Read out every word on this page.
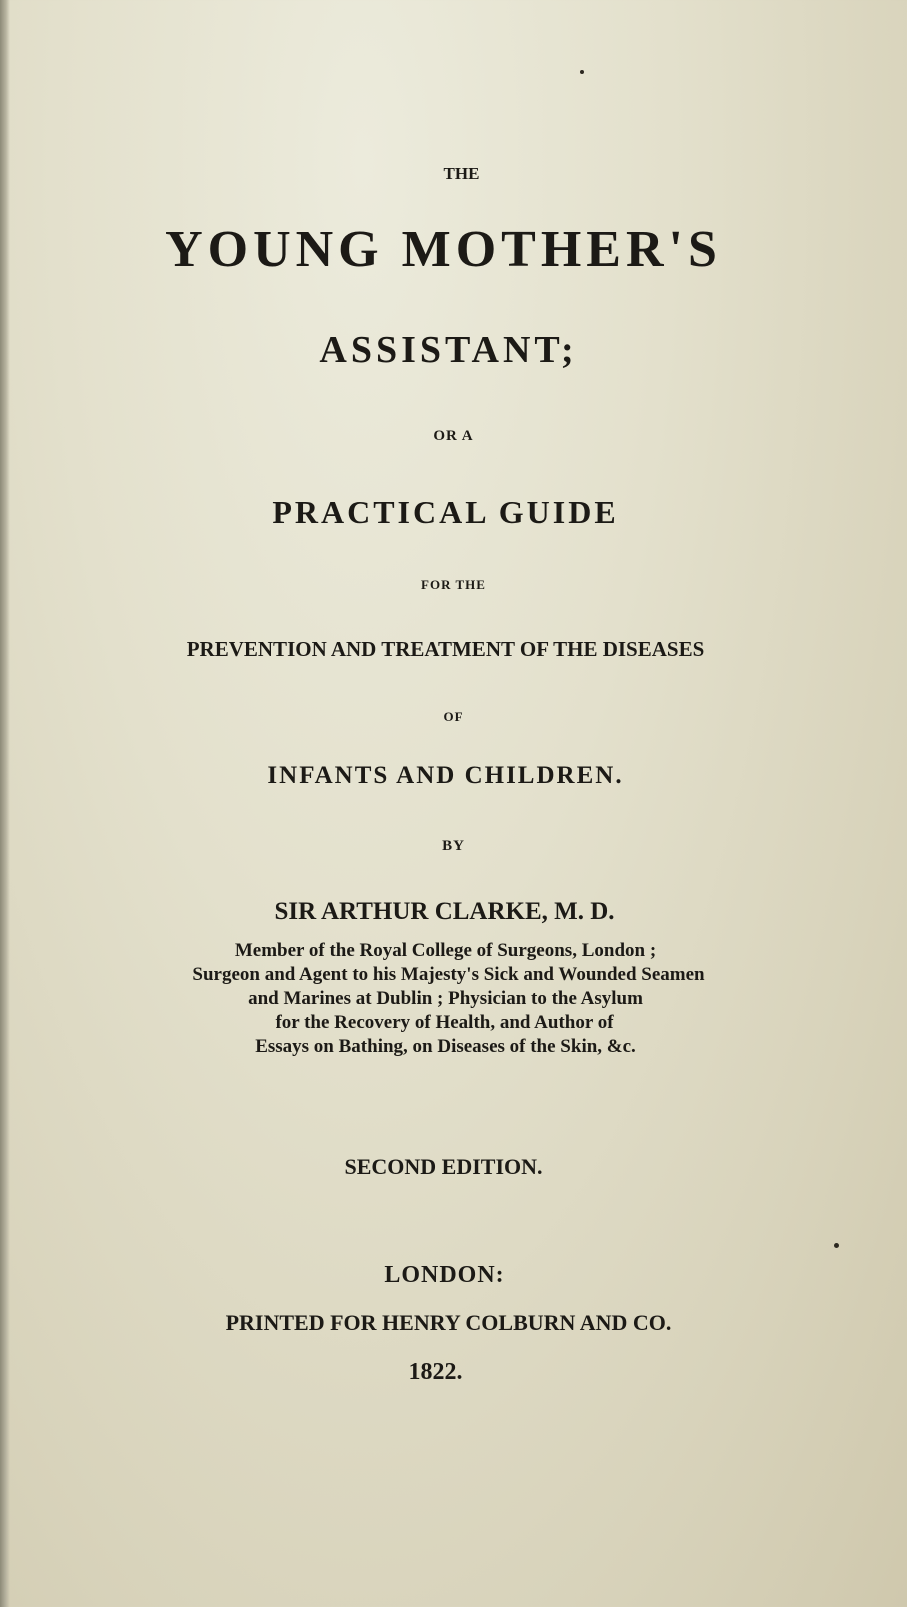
THE
YOUNG MOTHER'S
ASSISTANT;
OR A
PRACTICAL GUIDE
FOR THE
PREVENTION AND TREATMENT OF THE DISEASES
OF
INFANTS AND CHILDREN.
BY
SIR ARTHUR CLARKE, M. D.
Member of the Royal College of Surgeons, London ;
Surgeon and Agent to his Majesty's Sick and Wounded Seamen
and Marines at Dublin ; Physician to the Asylum
for the Recovery of Health, and Author of
Essays on Bathing, on Diseases of the Skin, &c.
SECOND EDITION.
LONDON:
PRINTED FOR HENRY COLBURN AND CO.
1822.
